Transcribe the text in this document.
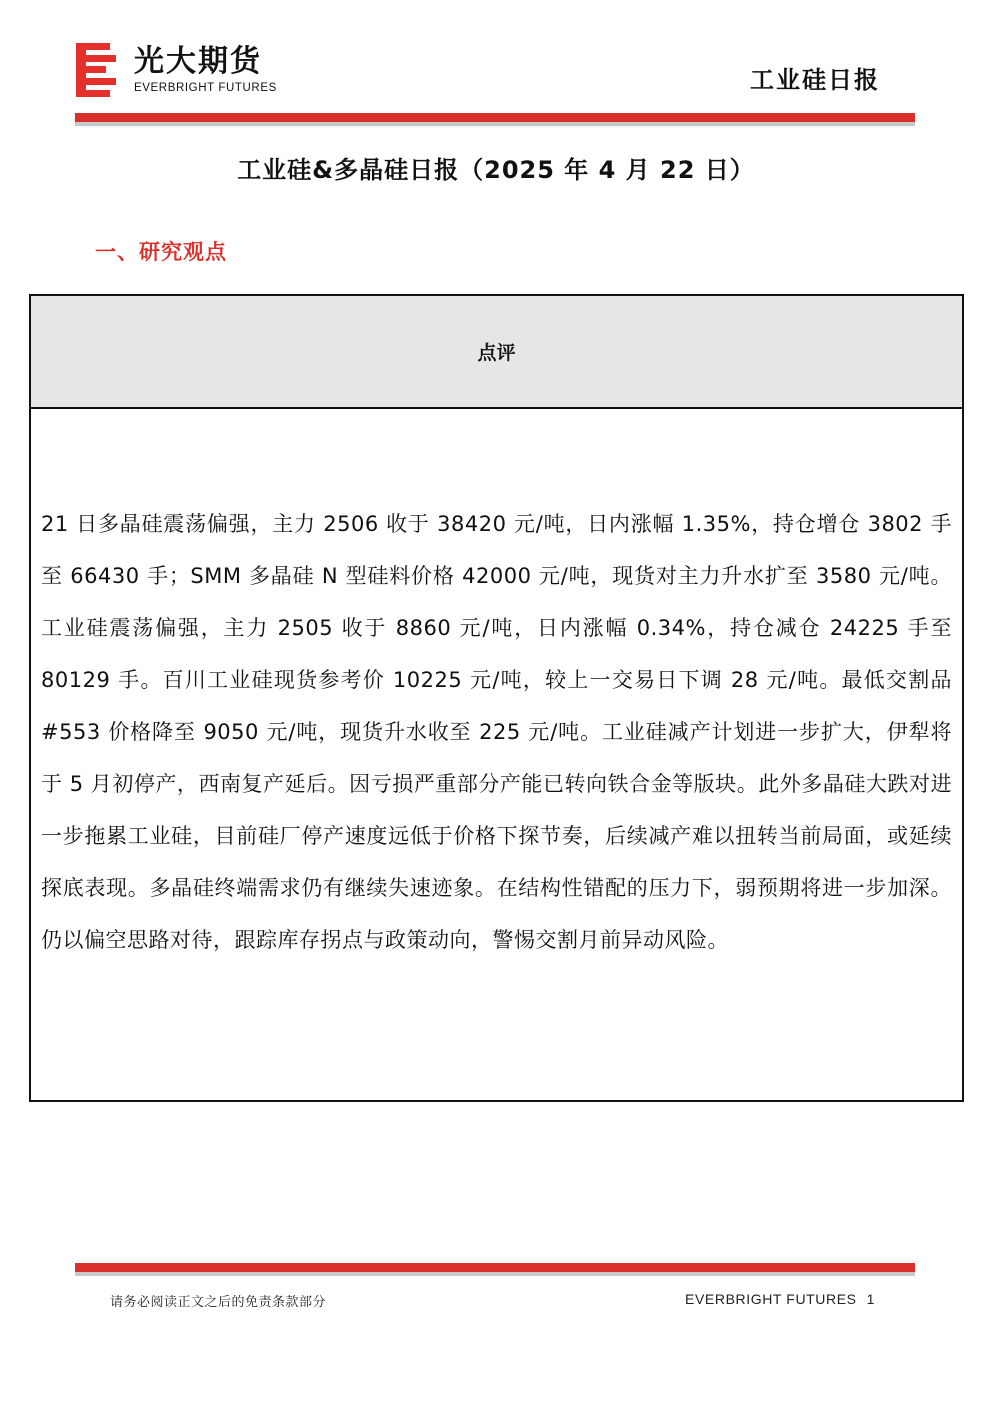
光大期货
EVERBRIGHT FUTURES	工业硅日报
工业硅&多晶硅日报（2025 年 4 月 22 日）
一、研究观点
点评
21 日多晶硅震荡偏强，主力 2506 收于 38420 元/吨，日内涨幅 1.35%，持仓增仓 3802 手至 66430 手；SMM 多晶硅 N 型硅料价格 42000 元/吨，现货对主力升水扩至 3580 元/吨。工业硅震荡偏强，主力 2505 收于 8860 元/吨，日内涨幅 0.34%，持仓减仓 24225 手至 80129 手。百川工业硅现货参考价 10225 元/吨，较上一交易日下调 28 元/吨。最低交割品#553 价格降至 9050 元/吨，现货升水收至 225 元/吨。工业硅减产计划进一步扩大，伊犁将于 5 月初停产，西南复产延后。因亏损严重部分产能已转向铁合金等版块。此外多晶硅大跌对进一步拖累工业硅，目前硅厂停产速度远低于价格下探节奏，后续减产难以扭转当前局面，或延续探底表现。多晶硅终端需求仍有继续失速迹象。在结构性错配的压力下，弱预期将进一步加深。仍以偏空思路对待，跟踪库存拐点与政策动向，警惕交割月前异动风险。
请务必阅读正文之后的免责条款部分	EVERBRIGHT FUTURES 1
